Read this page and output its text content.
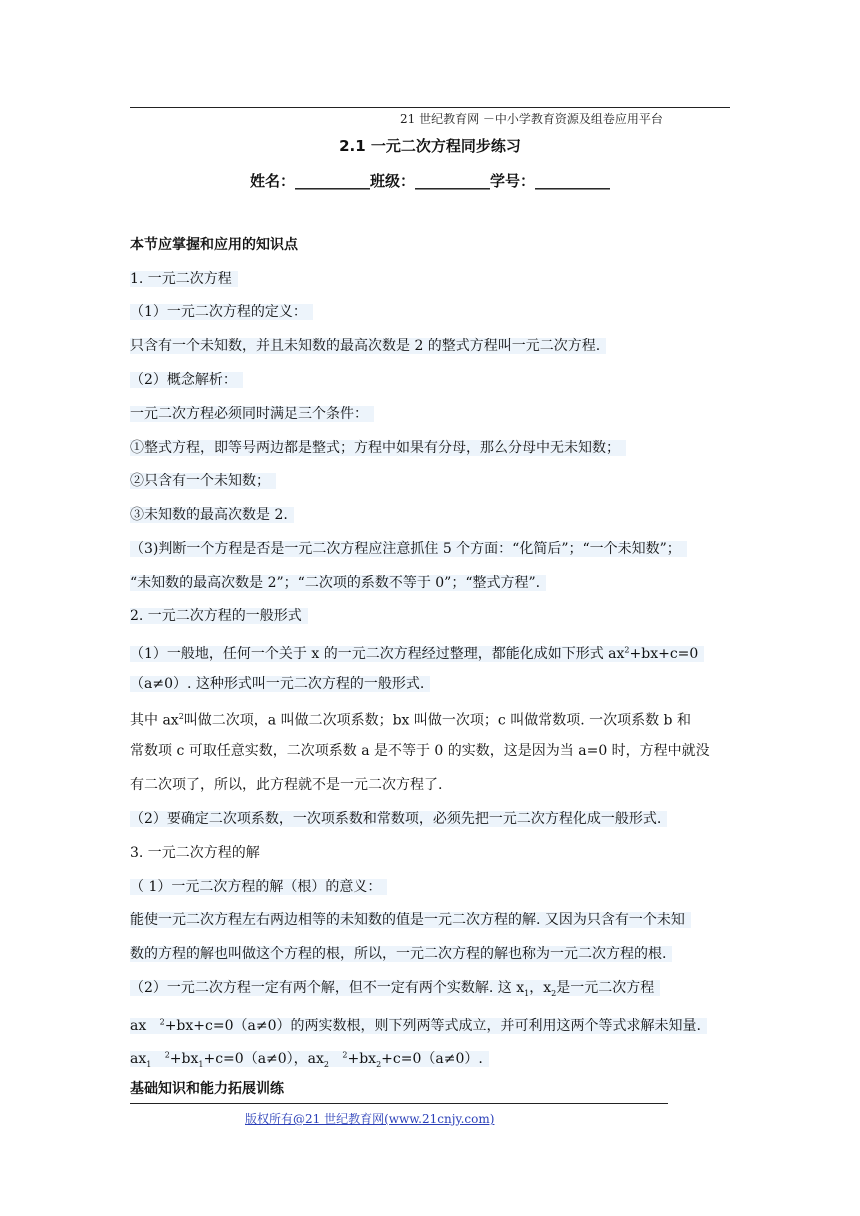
21 世纪教育网 －中小学教育资源及组卷应用平台
2.1 一元二次方程同步练习
姓名：__________班级：__________学号：__________
本节应掌握和应用的知识点
1. 一元二次方程
（1）一元二次方程的定义：
只含有一个未知数，并且未知数的最高次数是 2 的整式方程叫一元二次方程.
（2）概念解析：
一元二次方程必须同时满足三个条件：
①整式方程，即等号两边都是整式；方程中如果有分母，那么分母中无未知数；
②只含有一个未知数；
③未知数的最高次数是 2.
（3)判断一个方程是否是一元二次方程应注意抓住 5 个方面：“化简后”；“一个未知数”；
“未知数的最高次数是 2”；“二次项的系数不等于 0”；“整式方程”.
2. 一元二次方程的一般形式
（1）一般地，任何一个关于 x 的一元二次方程经过整理，都能化成如下形式 $ax^2+bx+c=0$
（a≠0）. 这种形式叫一元二次方程的一般形式.
其中 $ax^2$叫做二次项，a 叫做二次项系数；bx 叫做一次项；c 叫做常数项. 一次项系数 b 和
常数项 c 可取任意实数，二次项系数 a 是不等于 0 的实数，这是因为当 a=0 时，方程中就没
有二次项了，所以，此方程就不是一元二次方程了.
（2）要确定二次项系数，一次项系数和常数项，必须先把一元二次方程化成一般形式.
3. 一元二次方程的解
（ 1）一元二次方程的解（根）的意义：
能使一元二次方程左右两边相等的未知数的值是一元二次方程的解. 又因为只含有一个未知
数的方程的解也叫做这个方程的根，所以，一元二次方程的解也称为一元二次方程的根.
（2）一元二次方程一定有两个解，但不一定有两个实数解. 这 $x_1$，$x_2$是一元二次方程
ax $^2$+bx+c=0（a≠0）的两实数根，则下列两等式成立，并可利用这两个等式求解未知量.
$ax_1$   $^2+bx_1+c=0(a\ne 0)$，$ax_2$   $^2+bx_2+c=0(a\ne 0)$.
基础知识和能力拓展训练
版权所有@21 世纪教育网(www.21cnjy.com)
